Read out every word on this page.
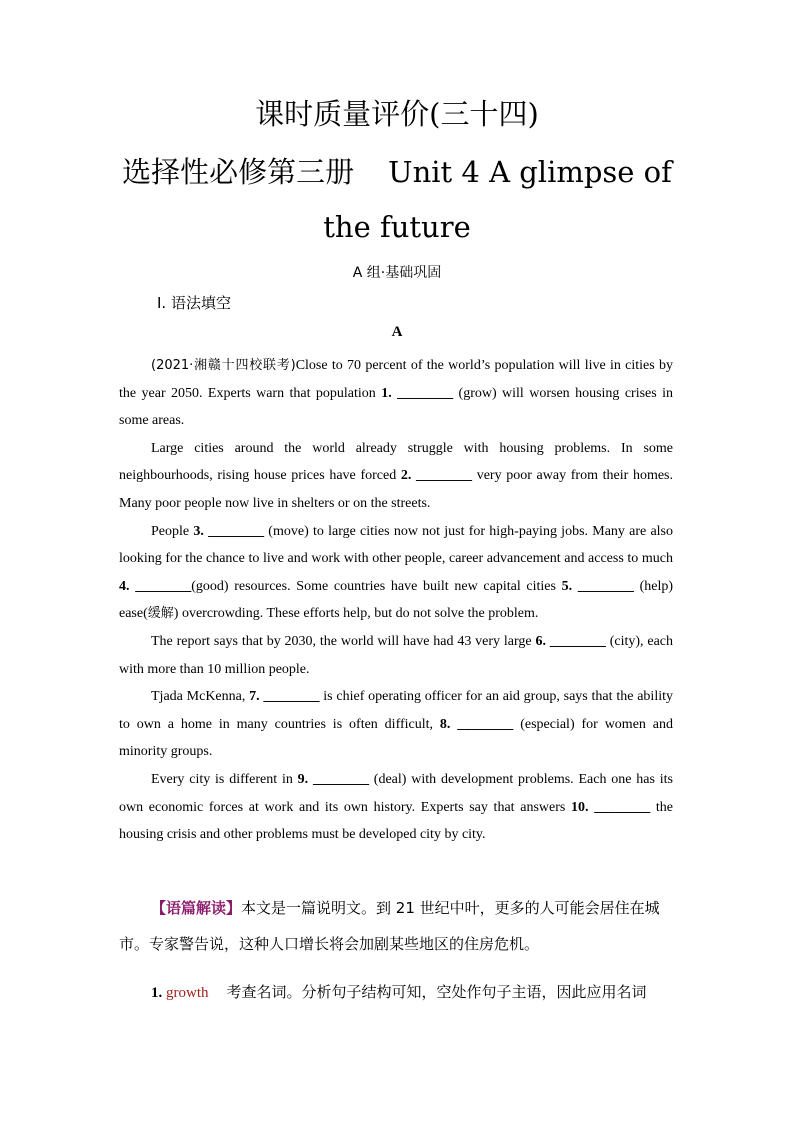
课时质量评价(三十四)
选择性必修第三册 Unit 4 A glimpse of
the future
A 组·基础巩固
Ⅰ. 语法填空
A

(2021·湘赣十四校联考)Close to 70 percent of the world’s population will live in cities by the year 2050. Experts warn that population 1. ________ (grow) will worsen housing crises in some areas.

Large cities around the world already struggle with housing problems. In some neighbourhoods, rising house prices have forced 2. ________ very poor away from their homes. Many poor people now live in shelters or on the streets.

People 3. ________ (move) to large cities now not just for high-paying jobs. Many are also looking for the chance to live and work with other people, career advancement and access to much 4. ________(good) resources. Some countries have built new capital cities 5. ________ (help) ease(缓解) overcrowding. These efforts help, but do not solve the problem.

The report says that by 2030, the world will have had 43 very large 6. ________ (city), each with more than 10 million people.

Tjada McKenna, 7. ________ is chief operating officer for an aid group, says that the ability to own a home in many countries is often difficult, 8. ________ (especial) for women and minority groups.

Every city is different in 9. ________ (deal) with development problems. Each one has its own economic forces at work and its own history. Experts say that answers 10. ________ the housing crisis and other problems must be developed city by city.

【语篇解读】本文是一篇说明文。到 21 世纪中叶，更多的人可能会居住在城市。专家警告说，这种人口增长将会加剧某些地区的住房危机。
1. growth 考查名词。分析句子结构可知，空处作句子主语，因此应用名词
